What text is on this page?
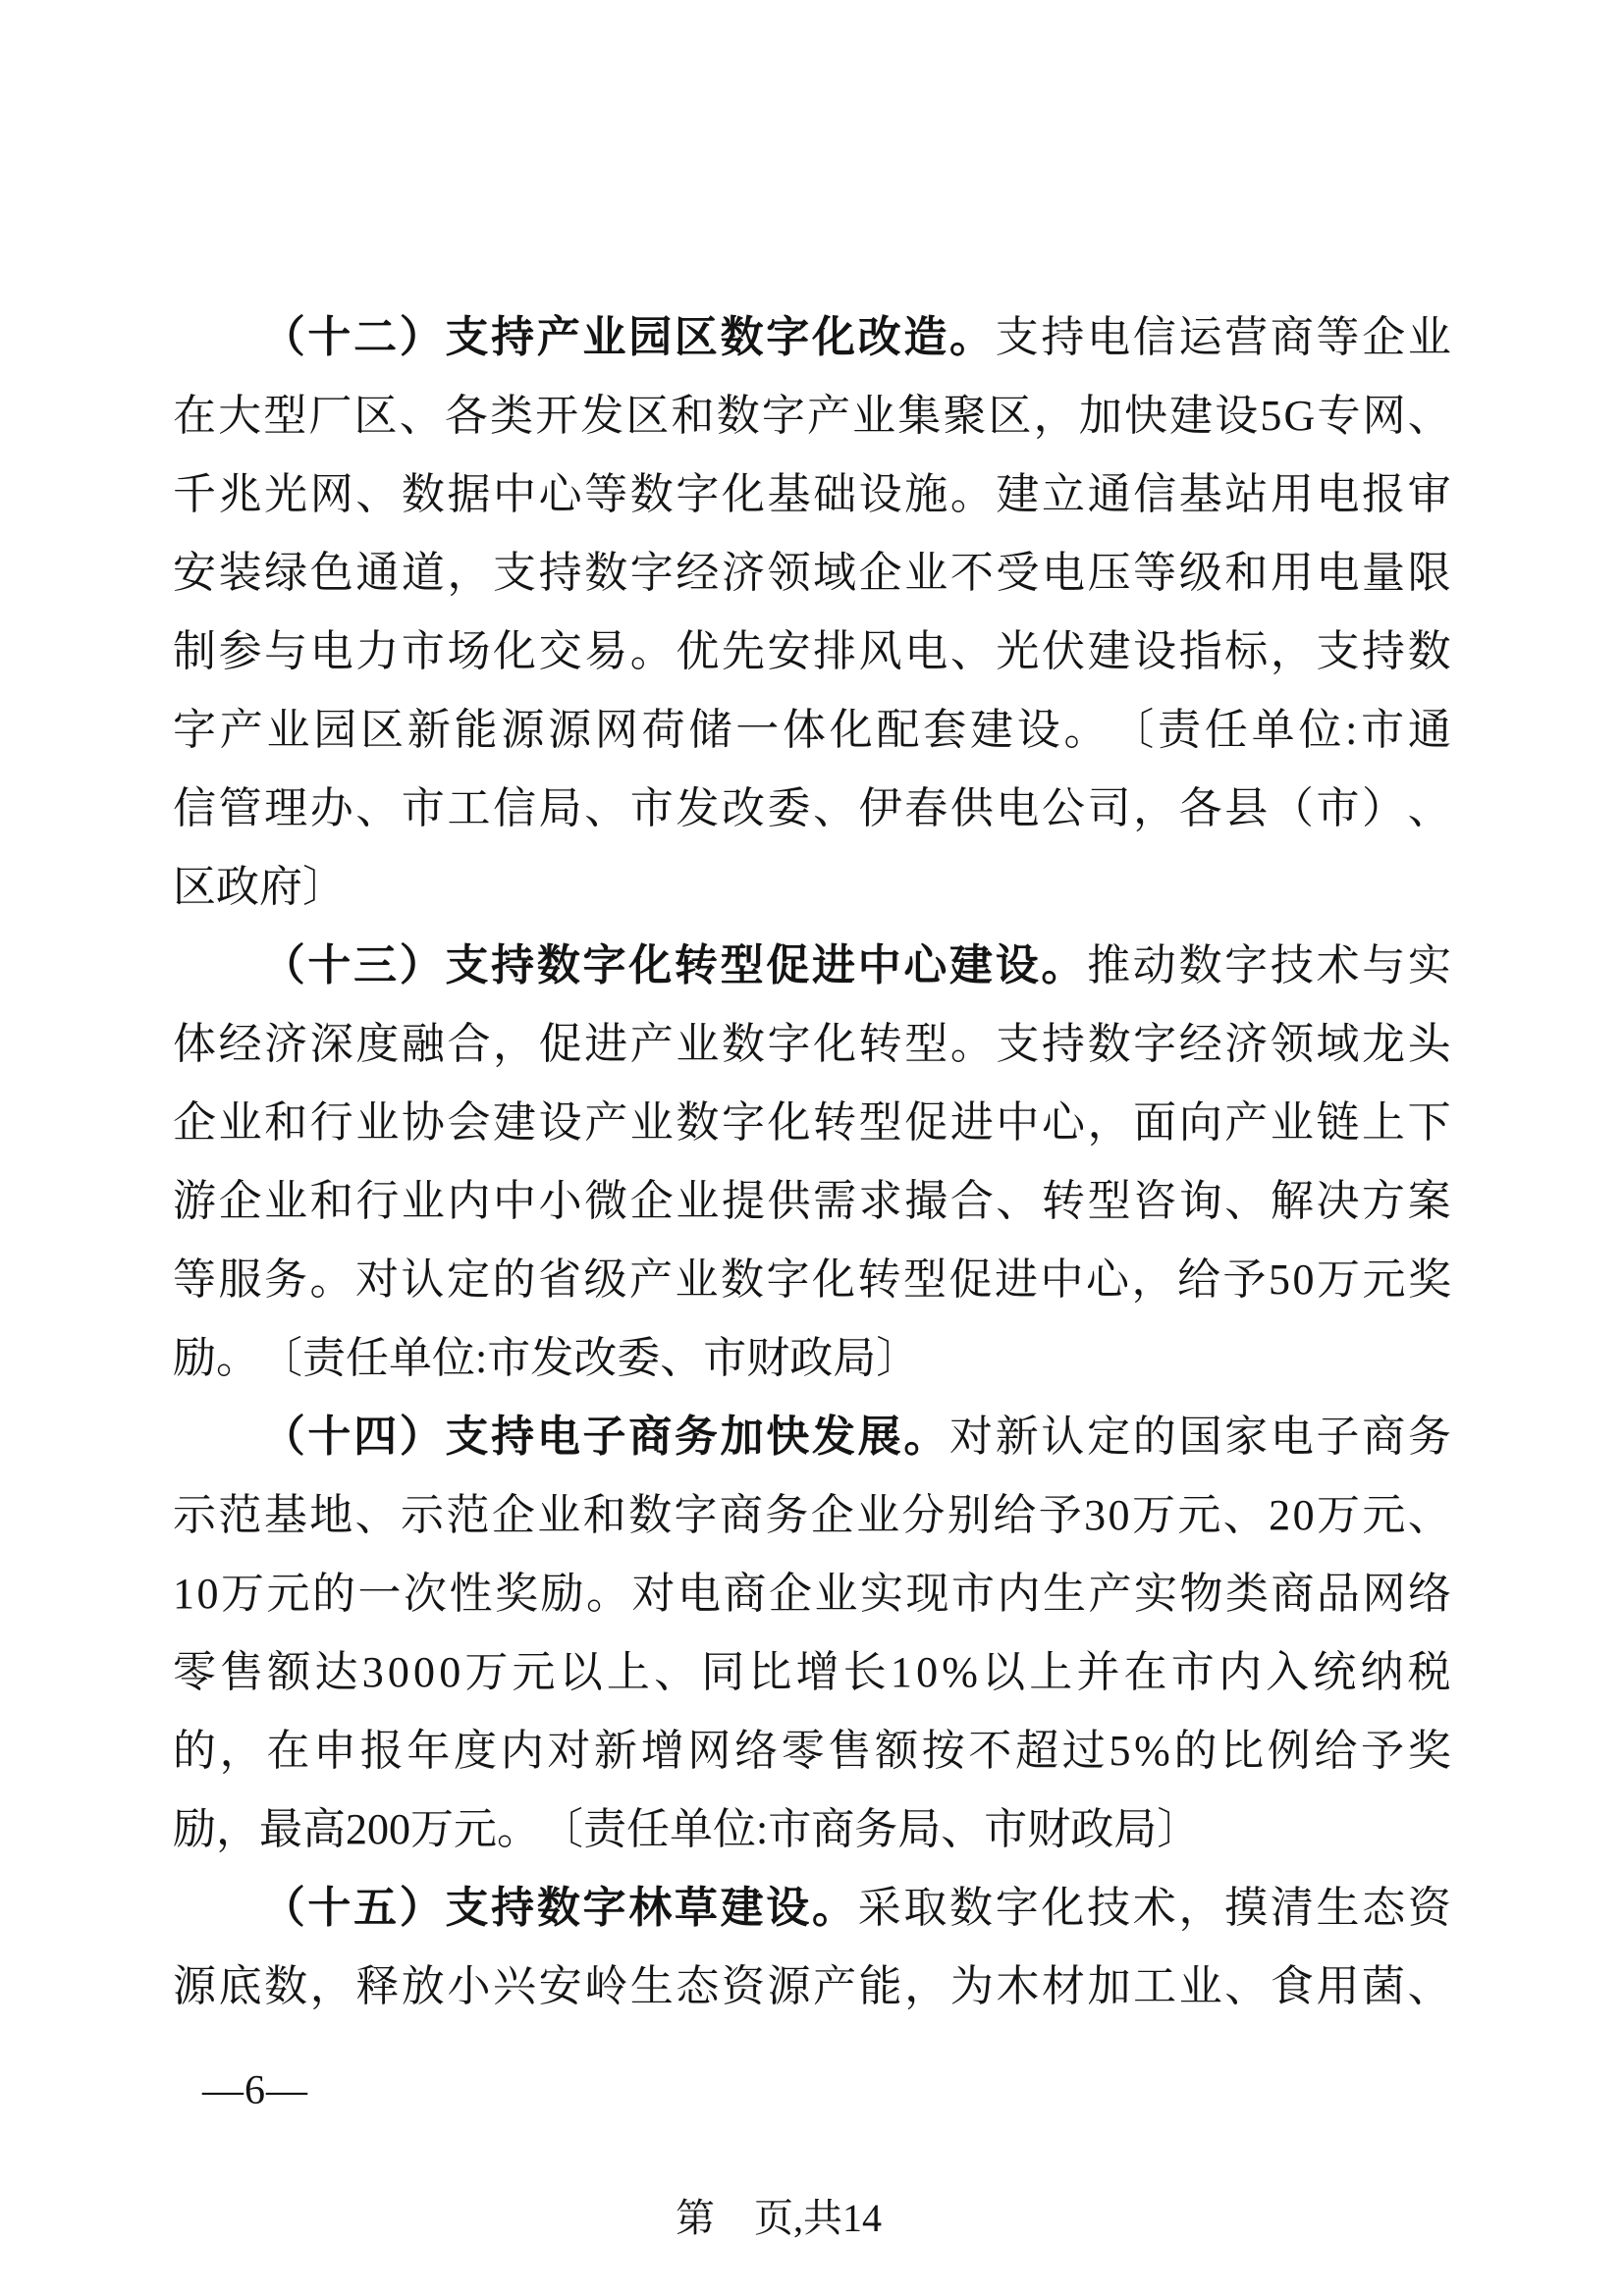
（ 十 二 ） 支 持 产 业 园 区 数 字 化 改 造 。 支 持 电 信 运 营 商 等 企 业
在 大 型 厂 区 、 各 类 开 发 区 和 数 字 产 业 集 聚 区 ， 加 快 建 设 5 G 专 网 、
千 兆 光 网 、 数 据 中 心 等 数 字 化 基 础 设 施 。 建 立 通 信 基 站 用 电 报 审
安 装 绿 色 通 道 ， 支 持 数 字 经 济 领 域 企 业 不 受 电 压 等 级 和 用 电 量 限
制 参 与 电 力 市 场 化 交 易 。 优 先 安 排 风 电 、 光 伏 建 设 指 标 ， 支 持 数
字 产 业 园 区 新 能 源 源 网 荷 储 一 体 化 配 套 建 设 。 〔 责 任 单 位 : 市 通
信 管 理 办 、 市 工 信 局 、 市 发 改 委 、 伊 春 供 电 公 司 ， 各 县 （ 市 ） 、
区 政 府 〕
（ 十 三 ） 支 持 数 字 化 转 型 促 进 中 心 建 设 。 推 动 数 字 技 术 与 实
体 经 济 深 度 融 合 ， 促 进 产 业 数 字 化 转 型 。 支 持 数 字 经 济 领 域 龙 头
企 业 和 行 业 协 会 建 设 产 业 数 字 化 转 型 促 进 中 心 ， 面 向 产 业 链 上 下
游 企 业 和 行 业 内 中 小 微 企 业 提 供 需 求 撮 合 、 转 型 咨 询 、 解 决 方 案
等 服 务 。 对 认 定 的 省 级 产 业 数 字 化 转 型 促 进 中 心 ， 给 予 5 0 万 元 奖
励 。 〔 责 任 单 位 : 市 发 改 委 、 市 财 政 局 〕
（ 十 四 ） 支 持 电 子 商 务 加 快 发 展 。 对 新 认 定 的 国 家 电 子 商 务
示 范 基 地 、 示 范 企 业 和 数 字 商 务 企 业 分 别 给 予 3 0 万 元 、 2 0 万 元 、
1 0 万 元 的 一 次 性 奖 励 。 对 电 商 企 业 实 现 市 内 生 产 实 物 类 商 品 网 络
零 售 额 达 3 0 0 0 万 元 以 上 、 同 比 增 长 1 0 % 以 上 并 在 市 内 入 统 纳 税
的 ， 在 申 报 年 度 内 对 新 增 网 络 零 售 额 按 不 超 过 5 % 的 比 例 给 予 奖
励 ， 最 高 2 0 0 万 元 。 〔 责 任 单 位 : 市 商 务 局 、 市 财 政 局 〕
（ 十 五 ） 支 持 数 字 林 草 建 设 。 采 取 数 字 化 技 术 ， 摸 清 生 态 资
源 底 数 ， 释 放 小 兴 安 岭 生 态 资 源 产 能 ， 为 木 材 加 工 业 、 食 用 菌 、
—6—
第　页,共14
